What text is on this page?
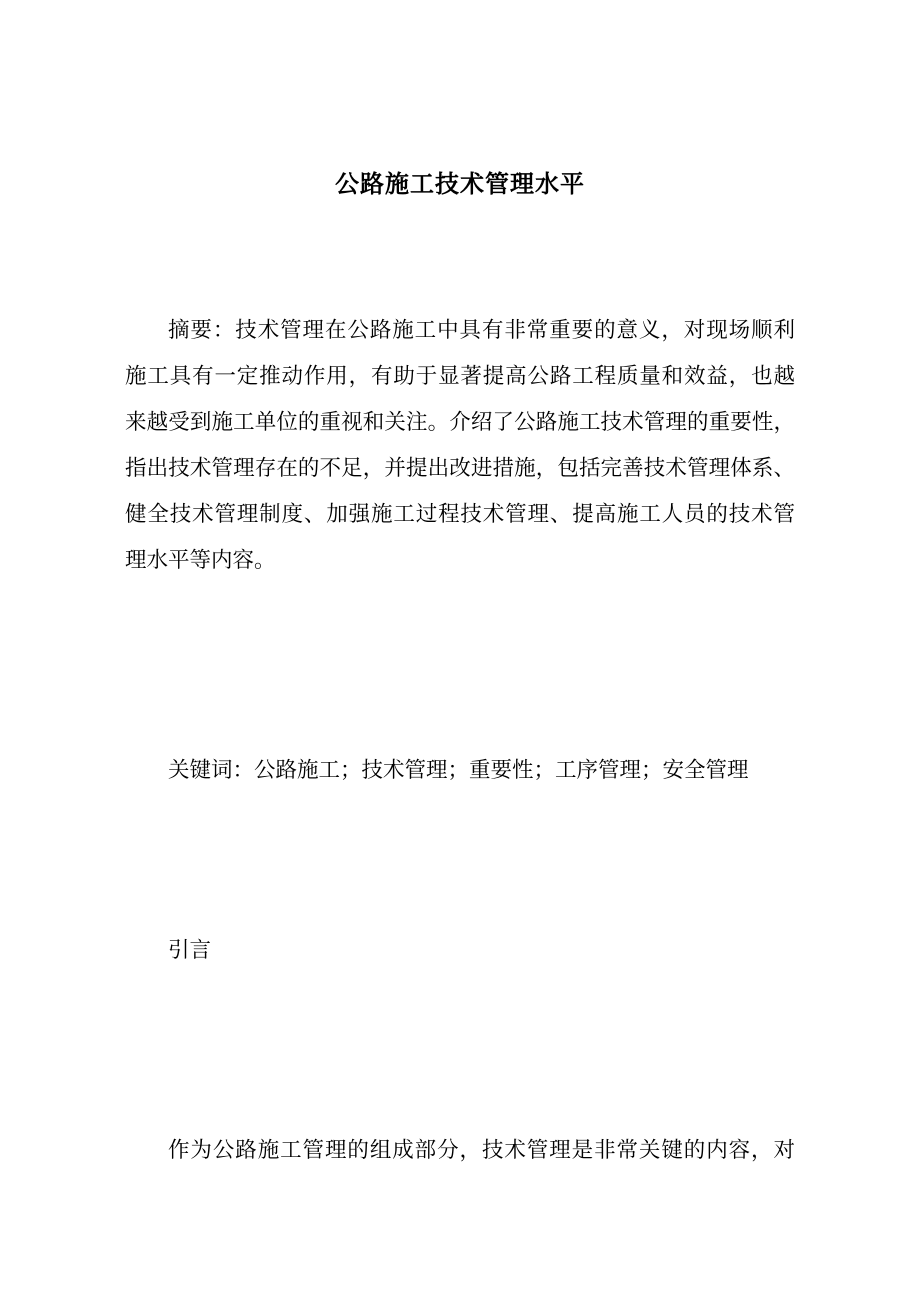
公路施工技术管理水平
摘要：技术管理在公路施工中具有非常重要的意义，对现场顺利
施工具有一定推动作用，有助于显著提高公路工程质量和效益，也越
来越受到施工单位的重视和关注。介绍了公路施工技术管理的重要性，
指出技术管理存在的不足，并提出改进措施，包括完善技术管理体系、
健全技术管理制度、加强施工过程技术管理、提高施工人员的技术管
理水平等内容。
关键词：公路施工；技术管理；重要性；工序管理；安全管理
引言
作为公路施工管理的组成部分，技术管理是非常关键的内容，对
